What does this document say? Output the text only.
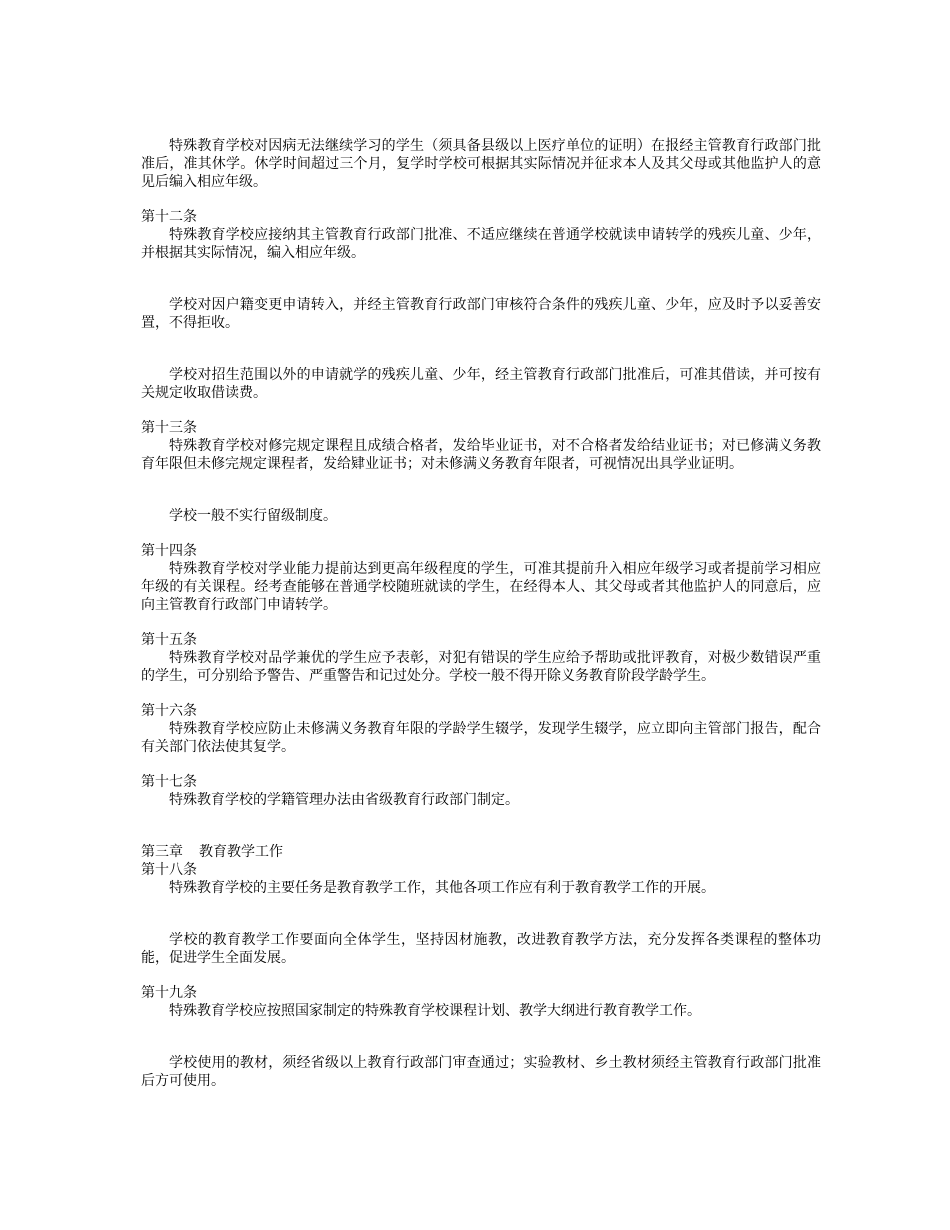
特殊教育学校对因病无法继续学习的学生（须具备县级以上医疗单位的证明）在报经主管教育行政部门批准后，准其休学。休学时间超过三个月，复学时学校可根据其实际情况并征求本人及其父母或其他监护人的意见后编入相应年级。

第十二条

特殊教育学校应接纳其主管教育行政部门批准、不适应继续在普通学校就读申请转学的残疾儿童、少年，并根据其实际情况，编入相应年级。

学校对因户籍变更申请转入，并经主管教育行政部门审核符合条件的残疾儿童、少年，应及时予以妥善安置，不得拒收。

学校对招生范围以外的申请就学的残疾儿童、少年，经主管教育行政部门批准后，可准其借读，并可按有关规定收取借读费。

第十三条

特殊教育学校对修完规定课程且成绩合格者，发给毕业证书，对不合格者发给结业证书；对已修满义务教育年限但未修完规定课程者，发给肄业证书；对未修满义务教育年限者，可视情况出具学业证明。

学校一般不实行留级制度。

第十四条

特殊教育学校对学业能力提前达到更高年级程度的学生，可准其提前升入相应年级学习或者提前学习相应年级的有关课程。经考查能够在普通学校随班就读的学生，在经得本人、其父母或者其他监护人的同意后，应向主管教育行政部门申请转学。

第十五条

特殊教育学校对品学兼优的学生应予表彰，对犯有错误的学生应给予帮助或批评教育，对极少数错误严重的学生，可分别给予警告、严重警告和记过处分。学校一般不得开除义务教育阶段学龄学生。

第十六条

特殊教育学校应防止未修满义务教育年限的学龄学生辍学，发现学生辍学，应立即向主管部门报告，配合有关部门依法使其复学。

第十七条

特殊教育学校的学籍管理办法由省级教育行政部门制定。

第三章 教育教学工作

第十八条

特殊教育学校的主要任务是教育教学工作，其他各项工作应有利于教育教学工作的开展。

学校的教育教学工作要面向全体学生，坚持因材施教，改进教育教学方法，充分发挥各类课程的整体功能，促进学生全面发展。

第十九条

特殊教育学校应按照国家制定的特殊教育学校课程计划、教学大纲进行教育教学工作。

学校使用的教材，须经省级以上教育行政部门审查通过；实验教材、乡土教材须经主管教育行政部门批准后方可使用。
